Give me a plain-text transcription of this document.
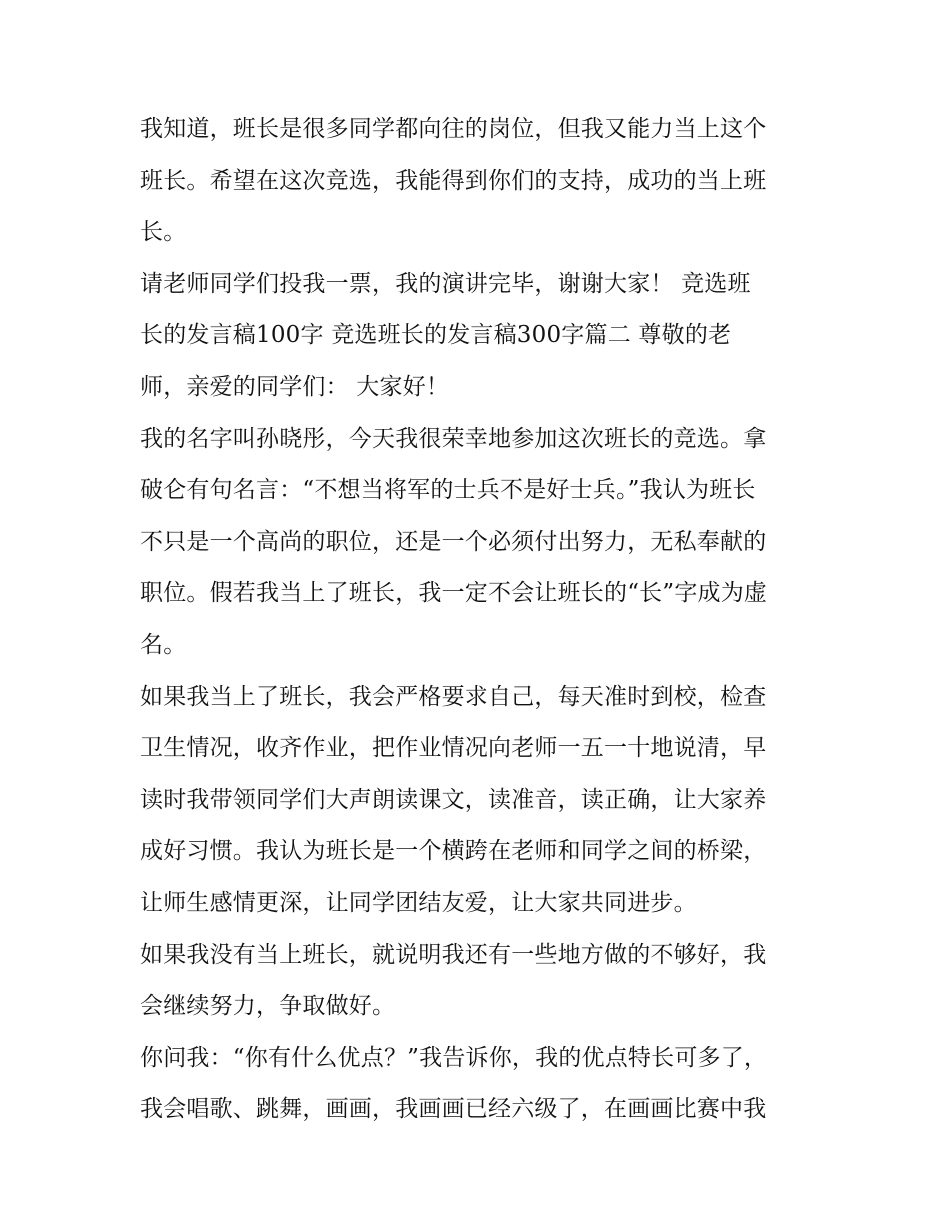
我知道，班长是很多同学都向往的岗位，但我又能力当上这个
班长。希望在这次竞选，我能得到你们的支持，成功的当上班
长。
请老师同学们投我一票，我的演讲完毕，谢谢大家！ 竞选班
长的发言稿100字 竞选班长的发言稿300字篇二 尊敬的老
师，亲爱的同学们： 大家好！
我的名字叫孙晓彤，今天我很荣幸地参加这次班长的竞选。拿
破仑有句名言：“不想当将军的士兵不是好士兵。”我认为班长
不只是一个高尚的职位，还是一个必须付出努力，无私奉献的
职位。假若我当上了班长，我一定不会让班长的“长”字成为虚
名。
如果我当上了班长，我会严格要求自己，每天准时到校，检查
卫生情况，收齐作业，把作业情况向老师一五一十地说清，早
读时我带领同学们大声朗读课文，读准音，读正确，让大家养
成好习惯。我认为班长是一个横跨在老师和同学之间的桥梁，
让师生感情更深，让同学团结友爱，让大家共同进步。
如果我没有当上班长，就说明我还有一些地方做的不够好，我
会继续努力，争取做好。
你问我：“你有什么优点？”我告诉你，我的优点特长可多了，
我会唱歌、跳舞，画画，我画画已经六级了，在画画比赛中我
